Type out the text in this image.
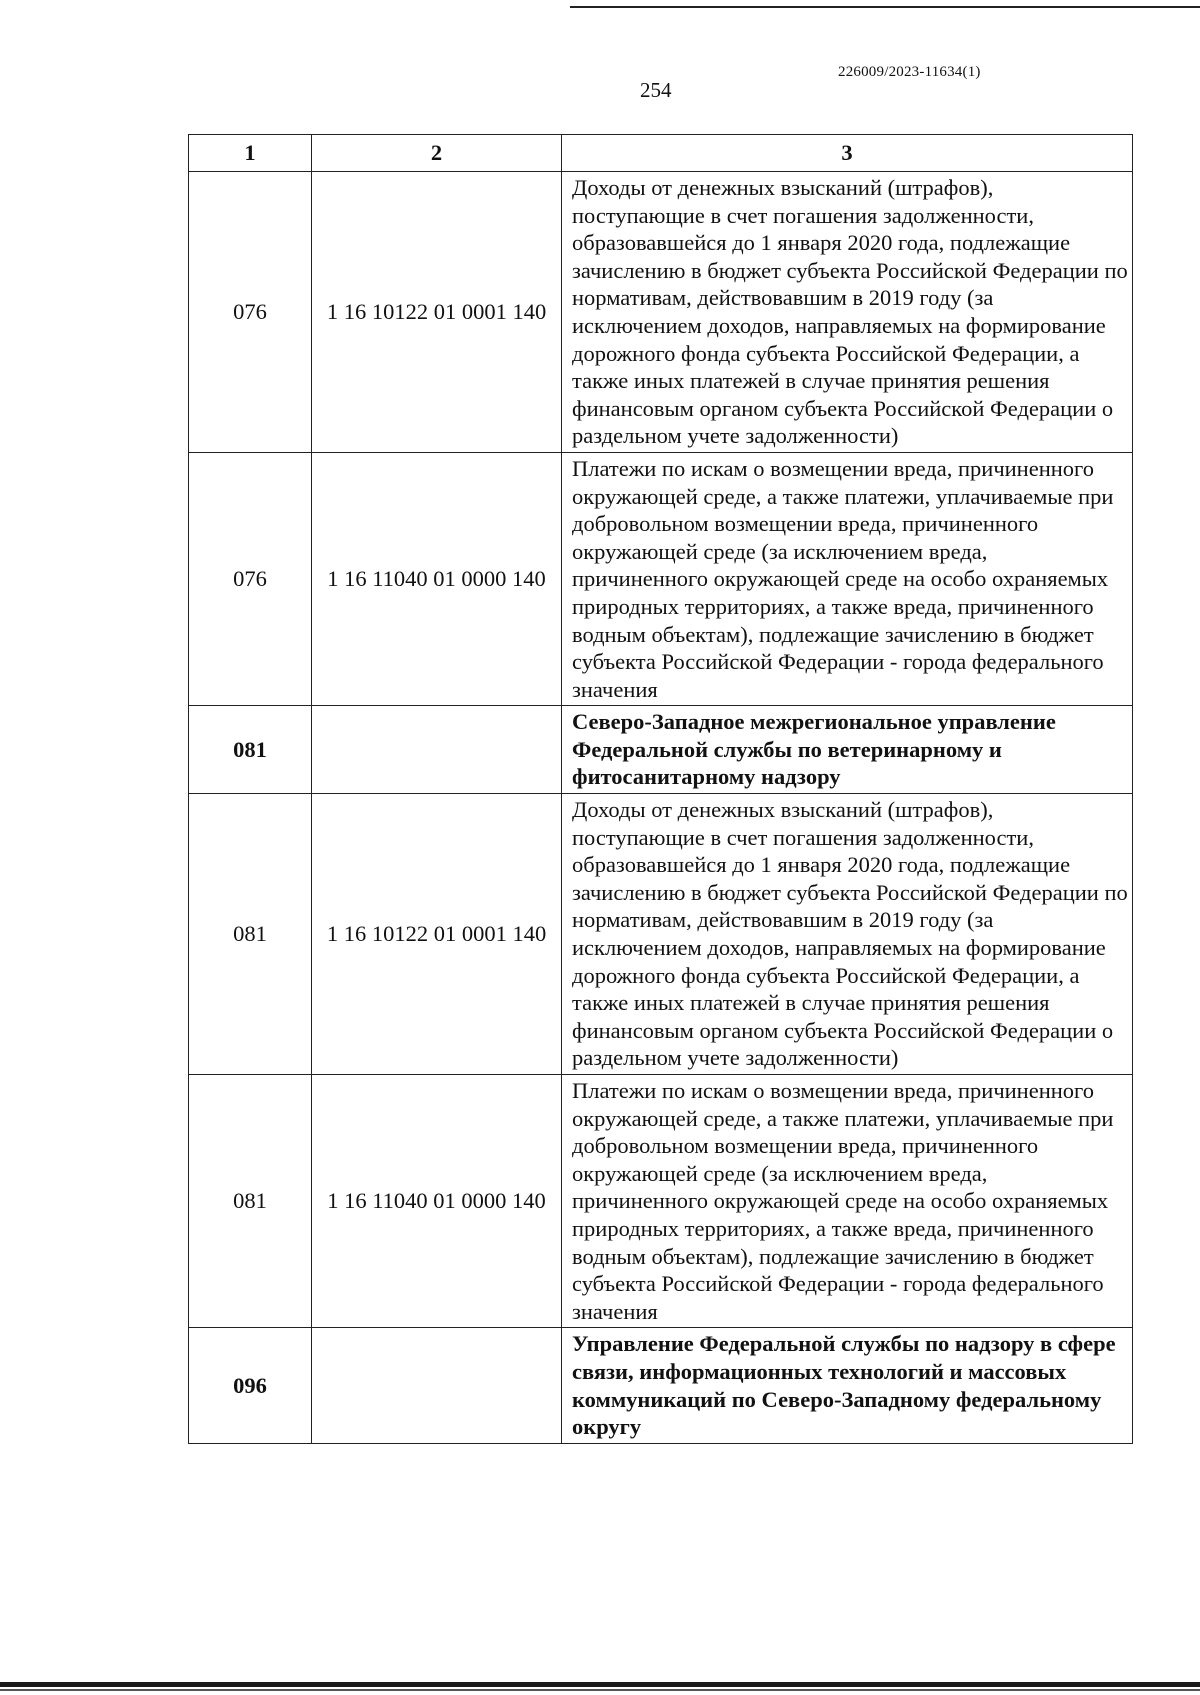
226009/2023-11634(1)
254
1	2	3
076	1 16 10122 01 0001 140	Доходы от денежных взысканий (штрафов), поступающие в счет погашения задолженности, образовавшейся до 1 января 2020 года, подлежащие зачислению в бюджет субъекта Российской Федерации по нормативам, действовавшим в 2019 году (за исключением доходов, направляемых на формирование дорожного фонда субъекта Российской Федерации, а также иных платежей в случае принятия решения финансовым органом субъекта Российской Федерации о раздельном учете задолженности)
076	1 16 11040 01 0000 140	Платежи по искам о возмещении вреда, причиненного окружающей среде, а также платежи, уплачиваемые при добровольном возмещении вреда, причиненного окружающей среде (за исключением вреда, причиненного окружающей среде на особо охраняемых природных территориях, а также вреда, причиненного водным объектам), подлежащие зачислению в бюджет субъекта Российской Федерации - города федерального значения
081		Северо-Западное межрегиональное управление Федеральной службы по ветеринарному и фитосанитарному надзору
081	1 16 10122 01 0001 140	Доходы от денежных взысканий (штрафов), поступающие в счет погашения задолженности, образовавшейся до 1 января 2020 года, подлежащие зачислению в бюджет субъекта Российской Федерации по нормативам, действовавшим в 2019 году (за исключением доходов, направляемых на формирование дорожного фонда субъекта Российской Федерации, а также иных платежей в случае принятия решения финансовым органом субъекта Российской Федерации о раздельном учете задолженности)
081	1 16 11040 01 0000 140	Платежи по искам о возмещении вреда, причиненного окружающей среде, а также платежи, уплачиваемые при добровольном возмещении вреда, причиненного окружающей среде (за исключением вреда, причиненного окружающей среде на особо охраняемых природных территориях, а также вреда, причиненного водным объектам), подлежащие зачислению в бюджет субъекта Российской Федерации - города федерального значения
096		Управление Федеральной службы по надзору в сфере связи, информационных технологий и массовых коммуникаций по Северо-Западному федеральному округу
